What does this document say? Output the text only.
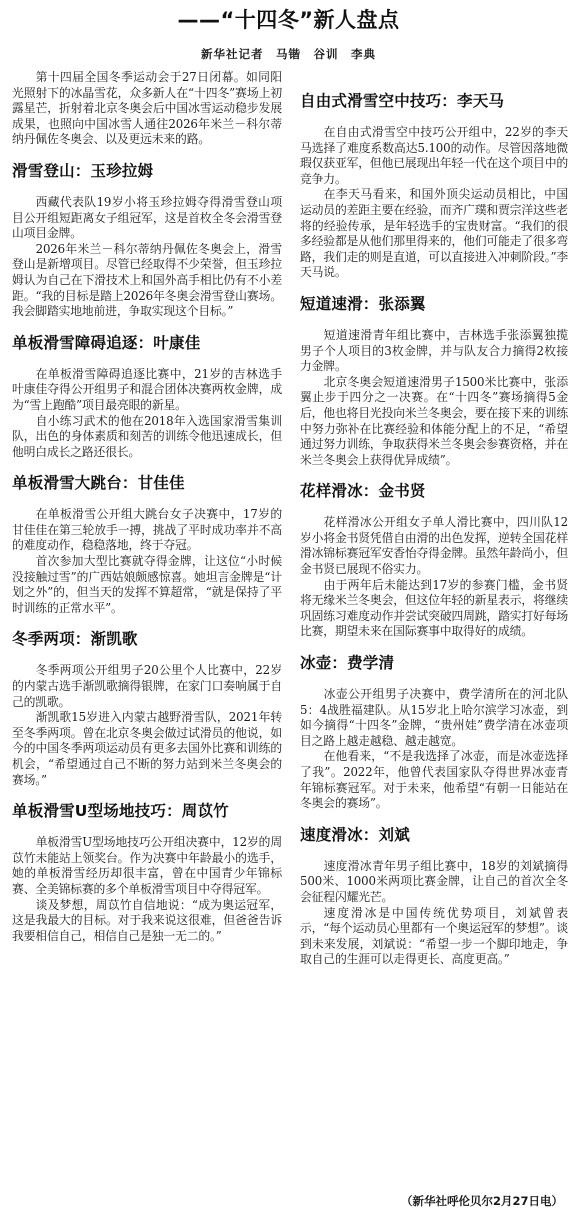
——“十四冬”新人盘点
新华社记者　马锴　谷训　李典

第十四届全国冬季运动会于27日闭幕。如同阳光照射下的冰晶雪花，众多新人在“十四冬”赛场上初露星芒，折射着北京冬奥会后中国冰雪运动稳步发展成果，也照向中国冰雪人通往2026年米兰－科尔蒂纳丹佩佐冬奥会、以及更远未来的路。

滑雪登山：玉珍拉姆

西藏代表队19岁小将玉珍拉姆夺得滑雪登山项目公开组短距离女子组冠军，这是首枚全冬会滑雪登山项目金牌。

2026年米兰－科尔蒂纳丹佩佐冬奥会上，滑雪登山是新增项目。尽管已经取得不少荣誉，但玉珍拉姆认为自己在下滑技术上和国外高手相比仍有不小差距。“我的目标是踏上2026年冬奥会滑雪登山赛场。我会脚踏实地地前进，争取实现这个目标。”

单板滑雪障碍追逐：叶康佳

在单板滑雪障碍追逐比赛中，21岁的吉林选手叶康佳夺得公开组男子和混合团体决赛两枚金牌，成为“雪上跑酷”项目最亮眼的新星。

自小练习武术的他在2018年入选国家滑雪集训队，出色的身体素质和刻苦的训练令他迅速成长，但他明白成长之路还很长。

单板滑雪大跳台：甘佳佳

在单板滑雪公开组大跳台女子决赛中，17岁的甘佳佳在第三轮放手一搏，挑战了平时成功率并不高的难度动作，稳稳落地，终于夺冠。

首次参加大型比赛就夺得金牌，让这位“小时候没接触过雪”的广西姑娘颇感惊喜。她坦言金牌是“计划之外”的，但当天的发挥不算超常，“就是保持了平时训练的正常水平”。

冬季两项：渐凯歌

冬季两项公开组男子20公里个人比赛中，22岁的内蒙古选手渐凯歌摘得银牌，在家门口奏响属于自己的凯歌。

渐凯歌15岁进入内蒙古越野滑雪队，2021年转至冬季两项。曾在北京冬奥会做过试滑员的他说，如今的中国冬季两项运动员有更多去国外比赛和训练的机会，“希望通过自己不断的努力站到米兰冬奥会的赛场。”

单板滑雪U型场地技巧：周苡竹

单板滑雪U型场地技巧公开组决赛中，12岁的周苡竹未能站上领奖台。作为决赛中年龄最小的选手，她的单板滑雪经历却很丰富，曾在中国青少年锦标赛、全美锦标赛的多个单板滑雪项目中夺得冠军。

谈及梦想，周苡竹自信地说：“成为奥运冠军，这是我最大的目标。对于我来说这很难，但爸爸告诉我要相信自己，相信自己是独一无二的。”

自由式滑雪空中技巧：李天马

在自由式滑雪空中技巧公开组中，22岁的李天马选择了难度系数高达5.100的动作。尽管因落地微瑕仅获亚军，但他已展现出年轻一代在这个项目中的竞争力。

在李天马看来，和国外顶尖运动员相比，中国运动员的差距主要在经验，而齐广璞和贾宗洋这些老将的经验传承，是年轻选手的宝贵财富。“我们的很多经验都是从他们那里得来的，他们可能走了很多弯路，我们走的则是直道，可以直接进入冲刺阶段。”李天马说。

短道速滑：张添翼

短道速滑青年组比赛中，吉林选手张添翼独揽男子个人项目的3枚金牌，并与队友合力摘得2枚接力金牌。

北京冬奥会短道速滑男子1500米比赛中，张添翼止步于四分之一决赛。在“十四冬”赛场摘得5金后，他也将目光投向米兰冬奥会，要在接下来的训练中努力弥补在比赛经验和体能分配上的不足，“希望通过努力训练，争取获得米兰冬奥会参赛资格，并在米兰冬奥会上获得优异成绩”。

花样滑冰：金书贤

花样滑冰公开组女子单人滑比赛中，四川队12岁小将金书贤凭借自由滑的出色发挥，逆转全国花样滑冰锦标赛冠军安香怡夺得金牌。虽然年龄尚小，但金书贤已展现不俗实力。

由于两年后未能达到17岁的参赛门槛，金书贤将无缘米兰冬奥会，但这位年轻的新星表示，将继续巩固练习难度动作并尝试突破四周跳，踏实打好每场比赛，期望未来在国际赛事中取得好的成绩。

冰壶：费学清

冰壶公开组男子决赛中，费学清所在的河北队5：4战胜福建队。从15岁北上哈尔滨学习冰壶，到如今摘得“十四冬”金牌，“贵州娃”费学清在冰壶项目之路上越走越稳、越走越宽。

在他看来，“不是我选择了冰壶，而是冰壶选择了我”。2022年，他曾代表国家队夺得世界冰壶青年锦标赛冠军。对于未来，他希望“有朝一日能站在冬奥会的赛场”。

速度滑冰：刘斌

速度滑冰青年男子组比赛中，18岁的刘斌摘得500米、1000米两项比赛金牌，让自己的首次全冬会征程闪耀光芒。

速度滑冰是中国传统优势项目，刘斌曾表示，“每个运动员心里都有一个奥运冠军的梦想”。谈到未来发展，刘斌说：“希望一步一个脚印地走，争取自己的生涯可以走得更长、高度更高。”

（新华社呼伦贝尔2月27日电）
